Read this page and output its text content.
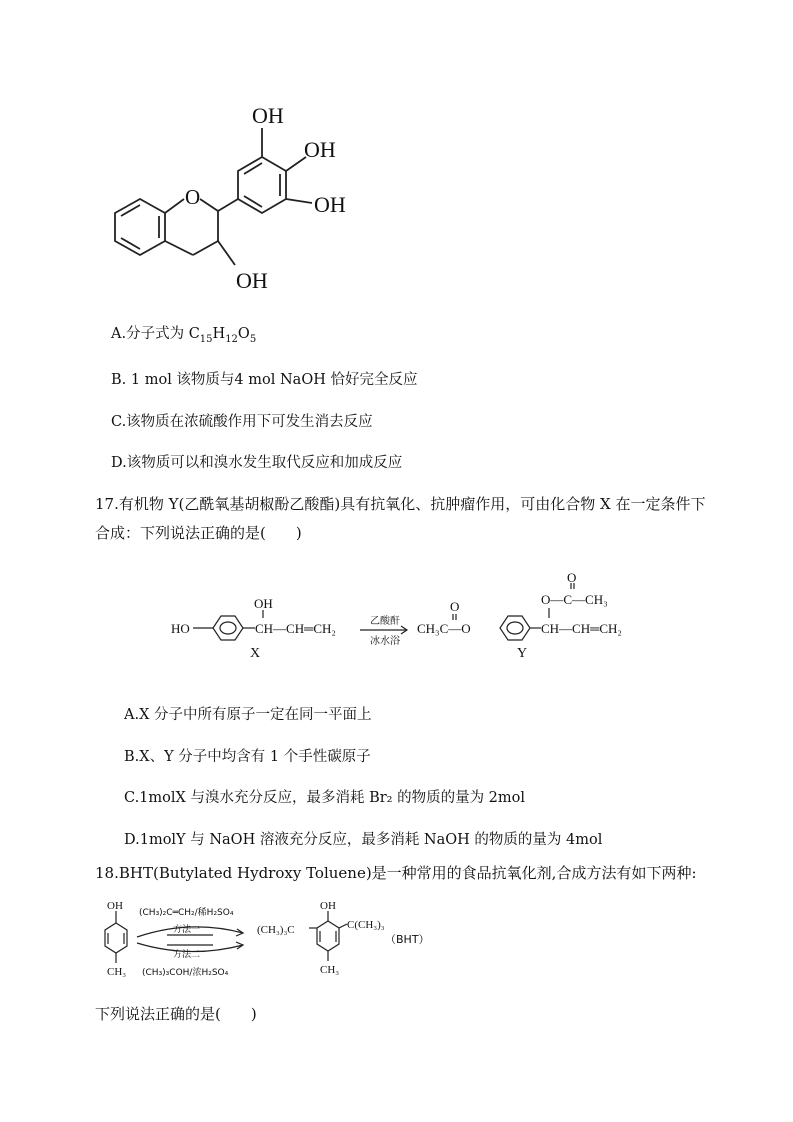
O
OH
OH
OH
OH
A.分子式为 $C_{15}H_{12}O_5$
B. 1 mol 该物质与4 mol NaOH 恰好完全反应
C.该物质在浓硫酸作用下可发生消去反应
D.该物质可以和溴水发生取代反应和加成反应
17.有机物 Y(乙酰氧基胡椒酚乙酸酯)具有抗氧化、抗肿瘤作用，可由化合物 X 在一定条件下
合成：下列说法正确的是(　　)
HO
OH
CH—CH═CH₂
X
乙酸酐
冰水浴
O
CH₃C—O	CH—CH═CH₂
O
O—C—CH₃
Y
A.X 分子中所有原子一定在同一平面上
B.X、Y 分子中均含有 1 个手性碳原子
C.1molX 与溴水充分反应，最多消耗 Br₂ 的物质的量为 2mol
D.1molY 与 NaOH 溶液充分反应，最多消耗 NaOH 的物质的量为 4mol
18.BHT(Butylated Hydroxy Toluene)是一种常用的食品抗氧化剂,合成方法有如下两种:
OH
CH₃
(CH₃)₂C═CH₂/稀H₂SO₄
方法一
方法二
(CH₃)₃COH/浓H₂SO₄
OH
(CH₃)₃C	C(CH₃)₃
CH₃
（BHT）
下列说法正确的是(　　)
